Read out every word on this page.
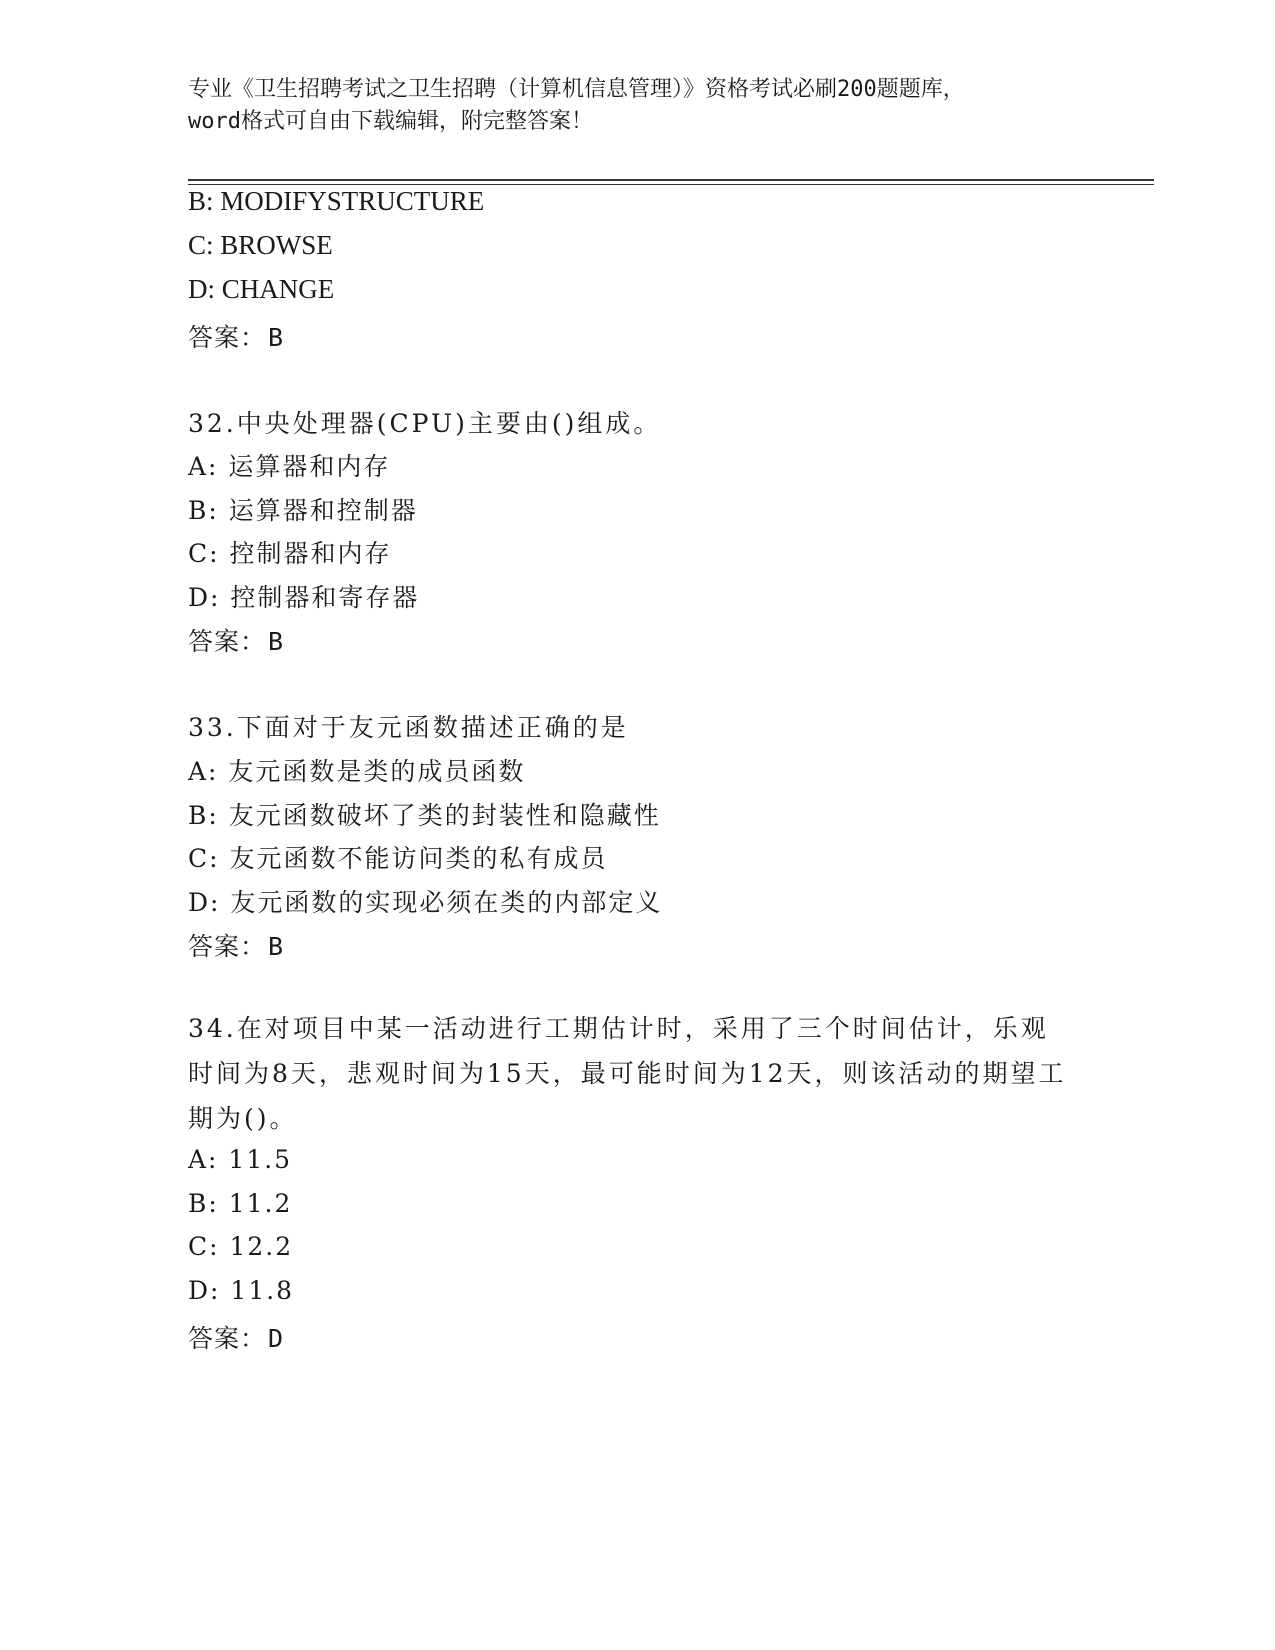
专业《卫生招聘考试之卫生招聘（计算机信息管理）》资格考试必刷200题题库，
word格式可自由下载编辑，附完整答案！
B: MODIFYSTRUCTURE
C: BROWSE
D: CHANGE
答案：B
32.中央处理器(CPU)主要由()组成。
A: 运算器和内存
B: 运算器和控制器
C: 控制器和内存
D: 控制器和寄存器
答案：B
33.下面对于友元函数描述正确的是
A: 友元函数是类的成员函数
B: 友元函数破坏了类的封装性和隐藏性
C: 友元函数不能访问类的私有成员
D: 友元函数的实现必须在类的内部定义
答案：B
34.在对项目中某一活动进行工期估计时，采用了三个时间估计，乐观时间为8天，悲观时间为15天，最可能时间为12天，则该活动的期望工期为()。
A: 11.5
B: 11.2
C: 12.2
D: 11.8
答案：D
